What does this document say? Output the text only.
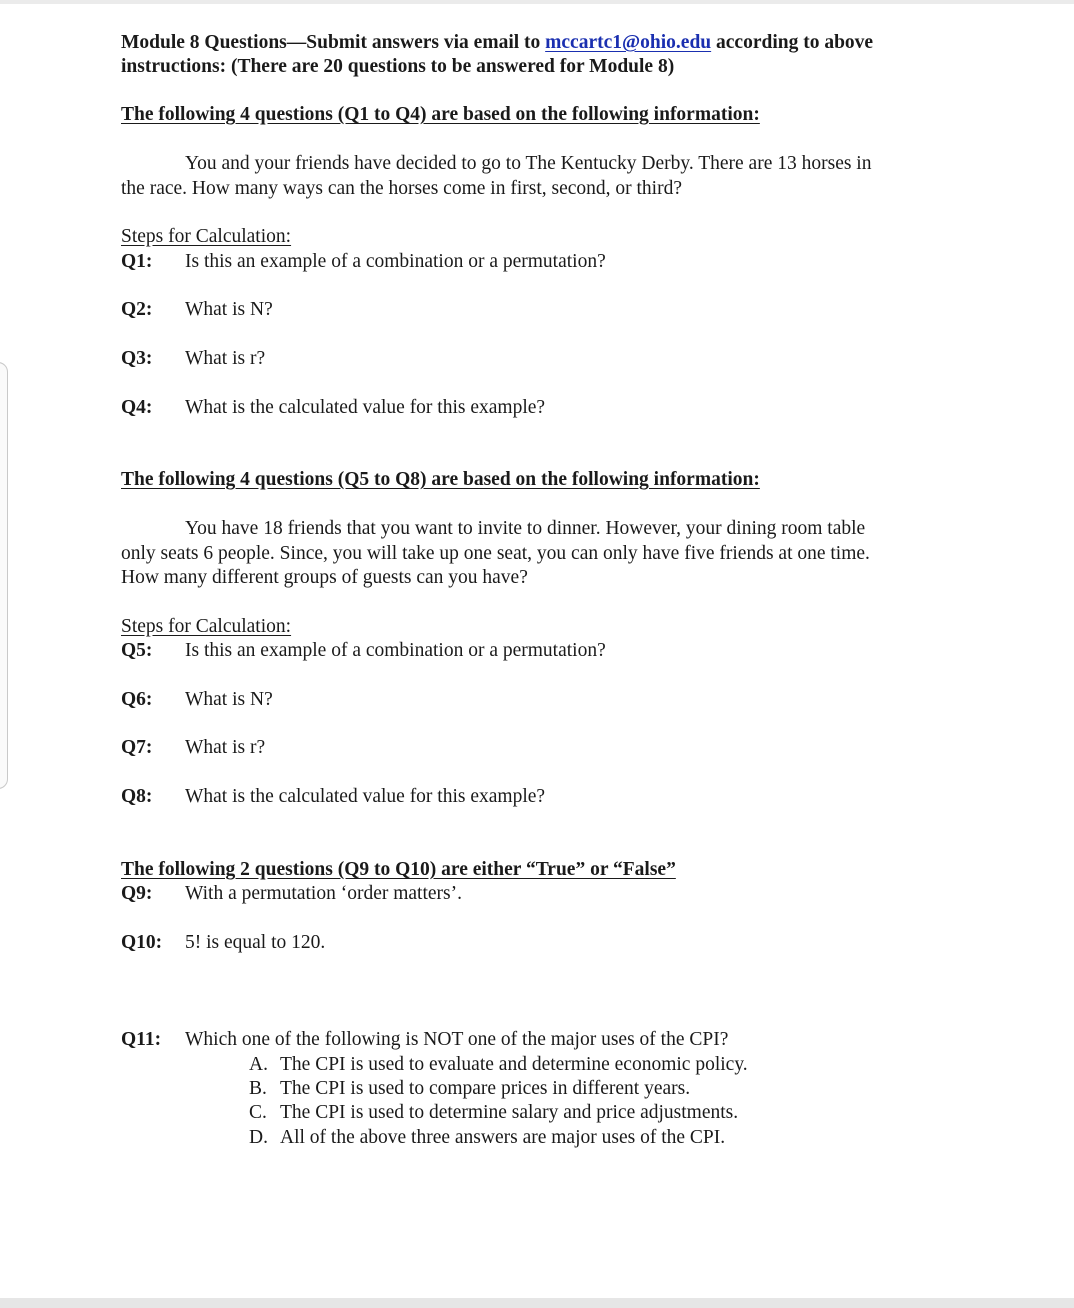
Module 8 Questions—Submit answers via email to mccartc1@ohio.edu according to above
instructions: (There are 20 questions to be answered for Module 8)
The following 4 questions (Q1 to Q4) are based on the following information:
You and your friends have decided to go to The Kentucky Derby. There are 13 horses in
the race. How many ways can the horses come in first, second, or third?
Steps for Calculation:
Q1: Is this an example of a combination or a permutation?
Q2: What is N?
Q3: What is r?
Q4: What is the calculated value for this example?
The following 4 questions (Q5 to Q8) are based on the following information:
You have 18 friends that you want to invite to dinner. However, your dining room table
only seats 6 people. Since, you will take up one seat, you can only have five friends at one time.
How many different groups of guests can you have?
Steps for Calculation:
Q5: Is this an example of a combination or a permutation?
Q6: What is N?
Q7: What is r?
Q8: What is the calculated value for this example?
The following 2 questions (Q9 to Q10) are either “True” or “False”
Q9: With a permutation ‘order matters’.
Q10: 5! is equal to 120.
Q11: Which one of the following is NOT one of the major uses of the CPI?
A. The CPI is used to evaluate and determine economic policy.
B. The CPI is used to compare prices in different years.
C. The CPI is used to determine salary and price adjustments.
D. All of the above three answers are major uses of the CPI.
